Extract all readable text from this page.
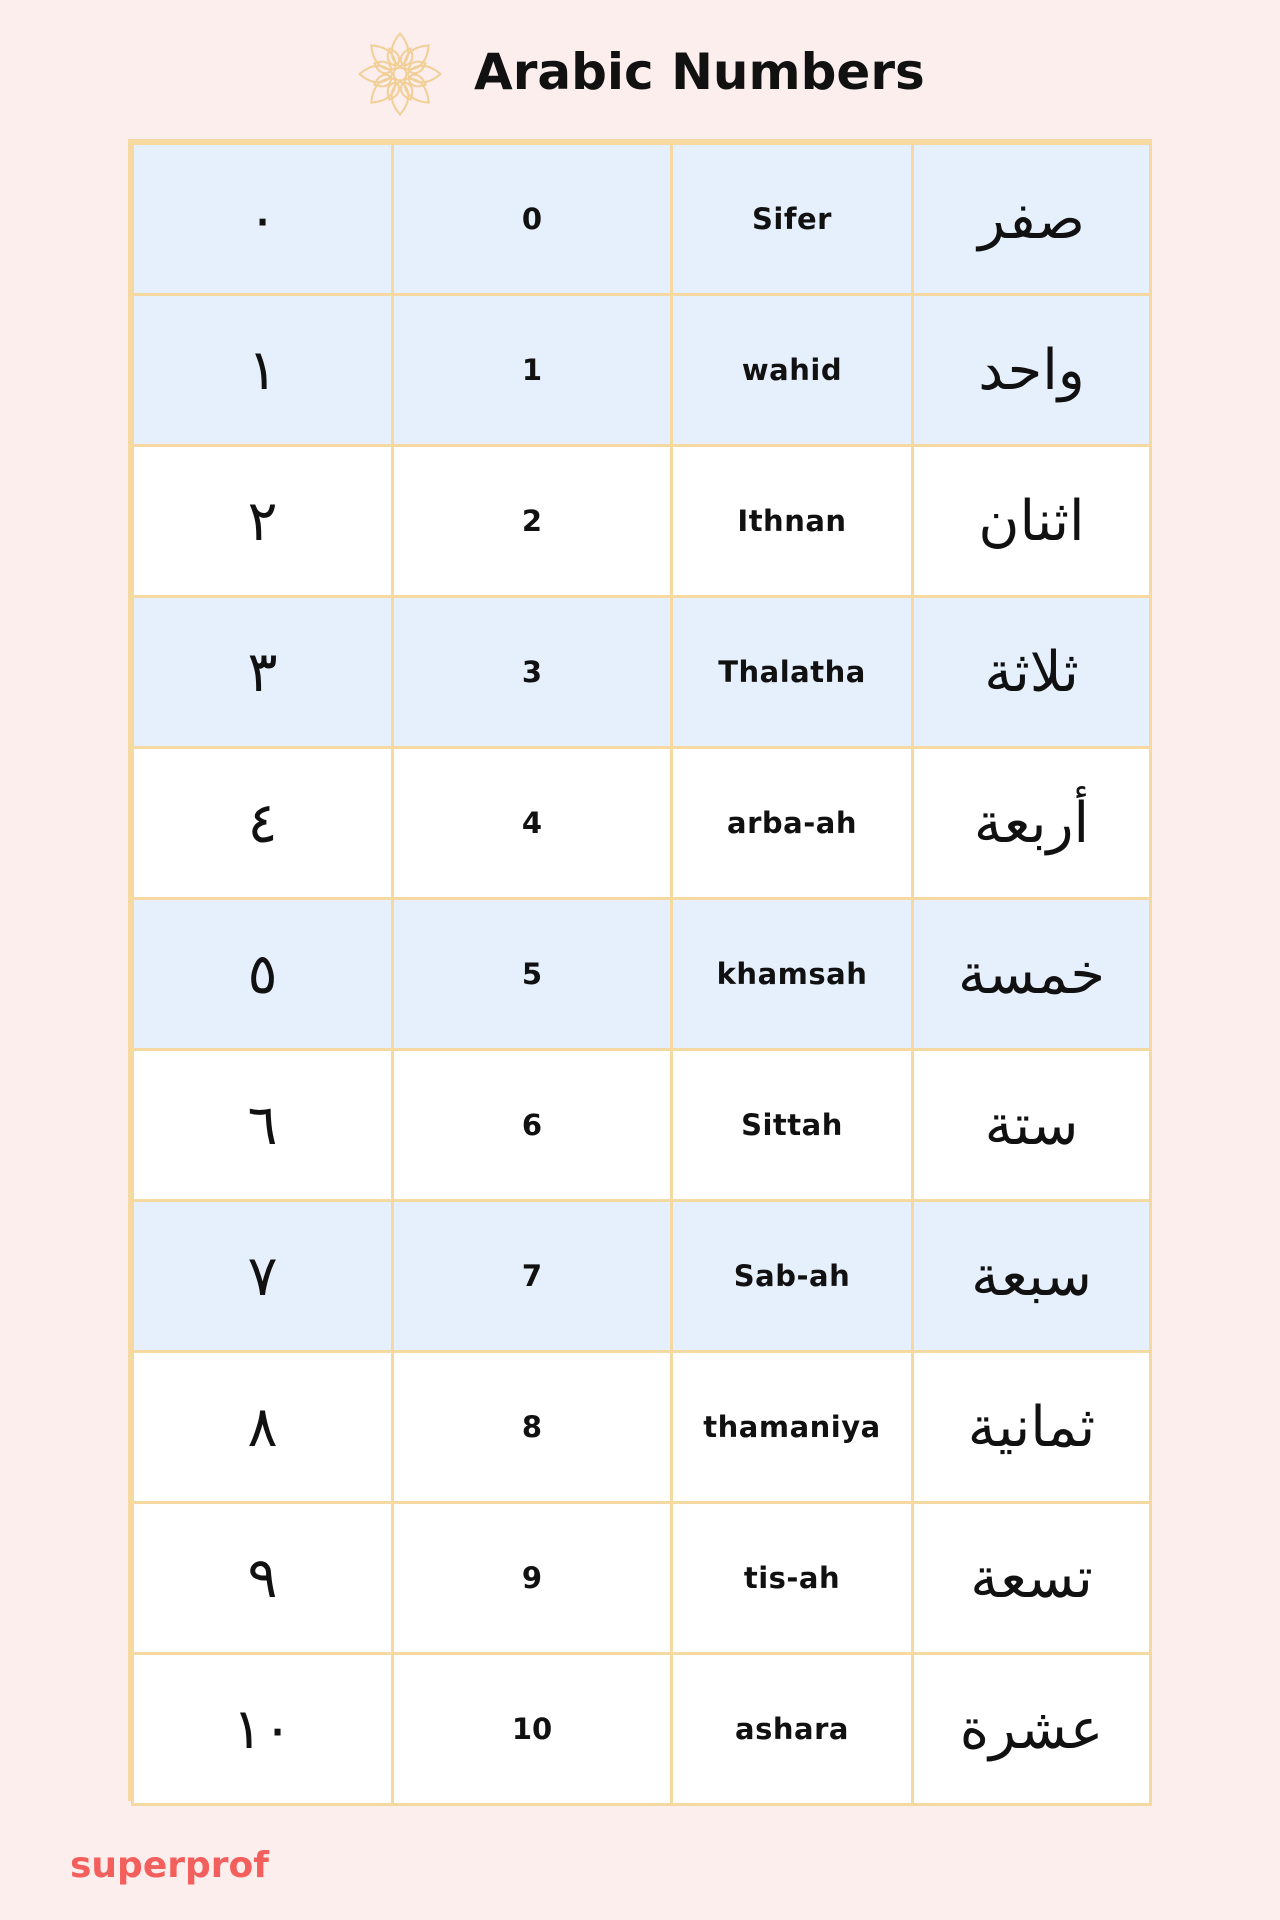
Arabic Numbers
٠	0	Sifer	صفر
١	1	wahid	واحد
٢	2	Ithnan	اثنان
٣	3	Thalatha	ثلاثة
٤	4	arba-ah	أربعة
٥	5	khamsah	خمسة
٦	6	Sittah	ستة
٧	7	Sab-ah	سبعة
٨	8	thamaniya	ثمانية
٩	9	tis-ah	تسعة
١٠	10	ashara	عشرة
superprof
